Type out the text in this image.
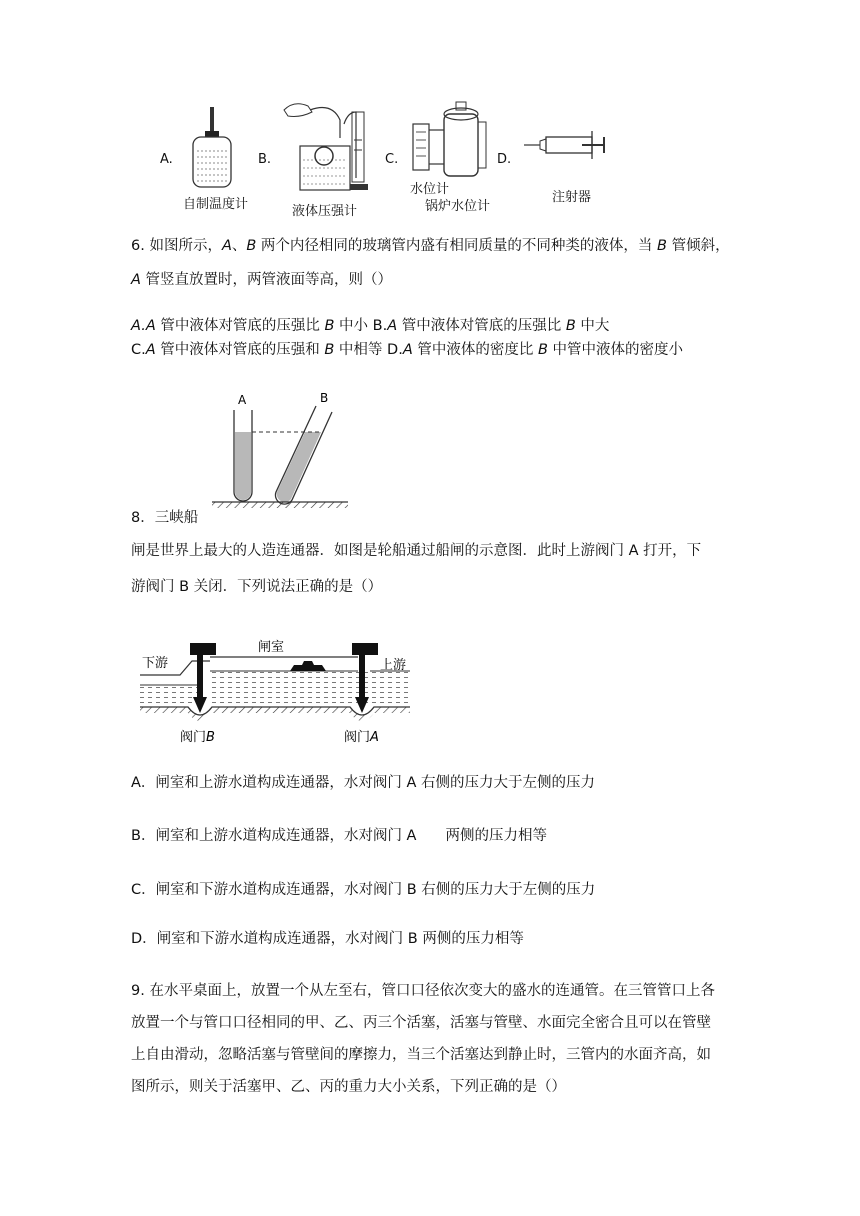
A.	B.	C.	D.
自制温度计	液体压强计
水位计
锅炉水位计
注射器
6. 如图所示，A、B 两个内径相同的玻璃管内盛有相同质量的不同种类的液体，当 B 管倾斜，
A 管竖直放置时，两管液面等高，则（）
A.A 管中液体对管底的压强比 B 中小 B.A 管中液体对管底的压强比 B 中大
C.A 管中液体对管底的压强和 B 中相等 D.A 管中液体的密度比 B 中管中液体的密度小
A	B
8．三峡船
闸是世界上最大的人造连通器．如图是轮船通过船闸的示意图．此时上游阀门 A 打开，下
游阀门 B 关闭．下列说法正确的是（）
闸室
下游	上游
阀门B	阀门A
A．闸室和上游水道构成连通器，水对阀门 A 右侧的压力大于左侧的压力
B．闸室和上游水道构成连通器，水对阀门 A　　两侧的压力相等
C．闸室和下游水道构成连通器，水对阀门 B 右侧的压力大于左侧的压力
D．闸室和下游水道构成连通器，水对阀门 B 两侧的压力相等
9. 在水平桌面上，放置一个从左至右，管口口径依次变大的盛水的连通管。在三管管口上各
放置一个与管口口径相同的甲、乙、丙三个活塞，活塞与管壁、水面完全密合且可以在管壁
上自由滑动，忽略活塞与管壁间的摩擦力，当三个活塞达到静止时，三管内的水面齐高，如
图所示，则关于活塞甲、乙、丙的重力大小关系，下列正确的是（）
